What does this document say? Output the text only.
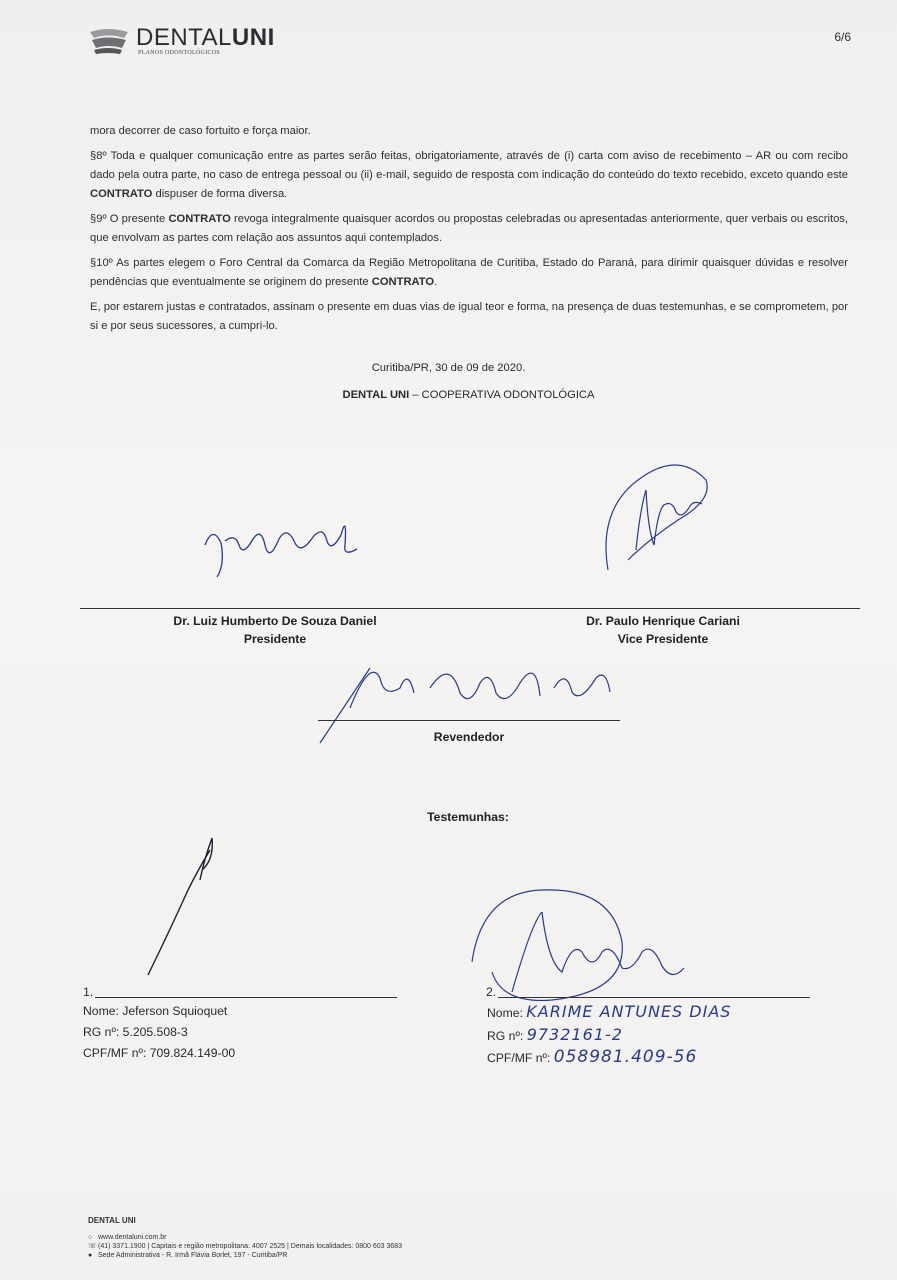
DENTALUNI
PLANOS ODONTOLÓGICOS
6/6

mora decorrer de caso fortuito e força maior.

§8º Toda e qualquer comunicação entre as partes serão feitas, obrigatoriamente, através de (i) carta com aviso de recebimento – AR ou com recibo dado pela outra parte, no caso de entrega pessoal ou (ii) e-mail, seguido de resposta com indicação do conteúdo do texto recebido, exceto quando este CONTRATO dispuser de forma diversa.

§9º O presente CONTRATO revoga integralmente quaisquer acordos ou propostas celebradas ou apresentadas anteriormente, quer verbais ou escritos, que envolvam as partes com relação aos assuntos aqui contemplados.

§10º As partes elegem o Foro Central da Comarca da Região Metropolitana de Curitiba, Estado do Paraná, para dirimir quaisquer dúvidas e resolver pendências que eventualmente se originem do presente CONTRATO.

E, por estarem justas e contratados, assinam o presente em duas vias de igual teor e forma, na presença de duas testemunhas, e se comprometem, por si e por seus sucessores, a cumpri-lo.

Curitiba/PR, 30 de 09 de 2020.
DENTAL UNI – COOPERATIVA ODONTOLÓGICA
Dr. Luiz Humberto De Souza Daniel
Presidente
Dr. Paulo Henrique Cariani
Vice Presidente
Revendedor
Testemunhas:
1.
Nome: Jeferson Squioquet
RG nº: 5.205.508-3
CPF/MF nº: 709.824.149-00
2.
Nome: KARIME ANTUNES DIAS
RG nº: 9732161-2
CPF/MF nº: 058981.409-56
DENTAL UNI
○ www.dentaluni.com.br
☏(41) 3371.1900 | Capitais e região metropolitana: 4007 2525 | Demais localidades: 0800 603 3683
● Sede Administrativa - R. Irmã Flávia Borlet, 197 - Curitiba/PR
